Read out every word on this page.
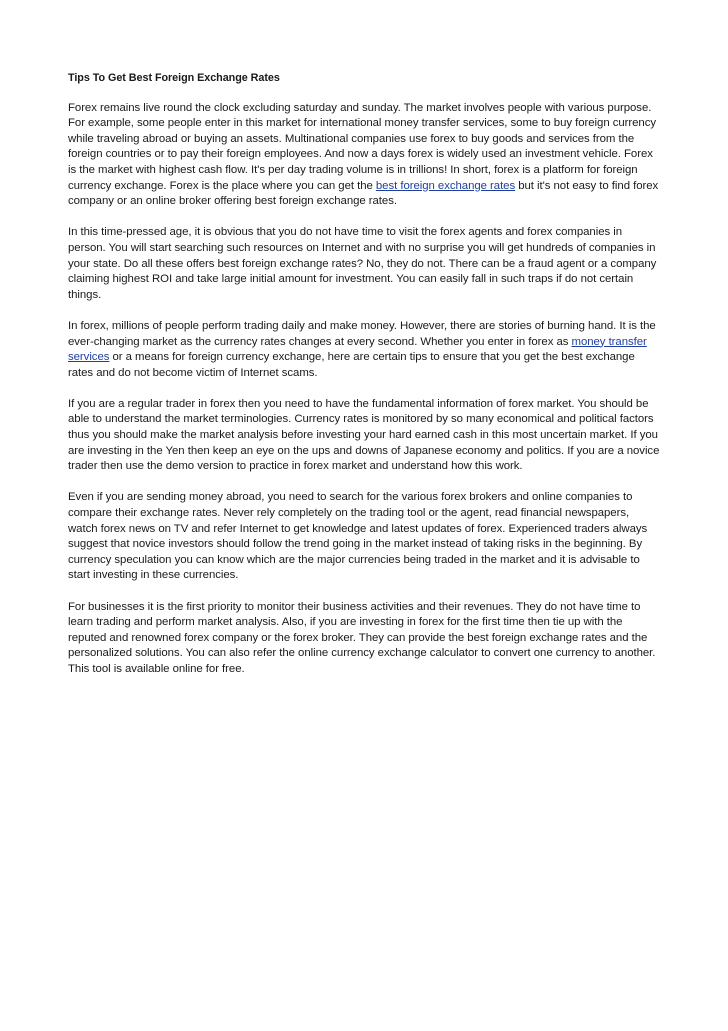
Tips To Get Best Foreign Exchange Rates

Forex remains live round the clock excluding saturday and sunday. The market involves people with various purpose. For example, some people enter in this market for international money transfer services, some to buy foreign currency while traveling abroad or buying an assets. Multinational companies use forex to buy goods and services from the foreign countries or to pay their foreign employees. And now a days forex is widely used an investment vehicle. Forex is the market with highest cash flow. It's per day trading volume is in trillions! In short, forex is a platform for foreign currency exchange. Forex is the place where you can get the best foreign exchange rates but it's not easy to find forex company or an online broker offering best foreign exchange rates.

In this time-pressed age, it is obvious that you do not have time to visit the forex agents and forex companies in person. You will start searching such resources on Internet and with no surprise you will get hundreds of companies in your state. Do all these offers best foreign exchange rates? No, they do not. There can be a fraud agent or a company claiming highest ROI and take large initial amount for investment. You can easily fall in such traps if do not certain things.

In forex, millions of people perform trading daily and make money. However, there are stories of burning hand. It is the ever-changing market as the currency rates changes at every second. Whether you enter in forex as money transfer services or a means for foreign currency exchange, here are certain tips to ensure that you get the best exchange rates and do not become victim of Internet scams.

If you are a regular trader in forex then you need to have the fundamental information of forex market. You should be able to understand the market terminologies. Currency rates is monitored by so many economical and political factors thus you should make the market analysis before investing your hard earned cash in this most uncertain market. If you are investing in the Yen then keep an eye on the ups and downs of Japanese economy and politics. If you are a novice trader then use the demo version to practice in forex market and understand how this work.

Even if you are sending money abroad, you need to search for the various forex brokers and online companies to compare their exchange rates. Never rely completely on the trading tool or the agent, read financial newspapers, watch forex news on TV and refer Internet to get knowledge and latest updates of forex. Experienced traders always suggest that novice investors should follow the trend going in the market instead of taking risks in the beginning. By currency speculation you can know which are the major currencies being traded in the market and it is advisable to start investing in these currencies.

For businesses it is the first priority to monitor their business activities and their revenues. They do not have time to learn trading and perform market analysis. Also, if you are investing in forex for the first time then tie up with the reputed and renowned forex company or the forex broker. They can provide the best foreign exchange rates and the personalized solutions. You can also refer the online currency exchange calculator to convert one currency to another. This tool is available online for free.
